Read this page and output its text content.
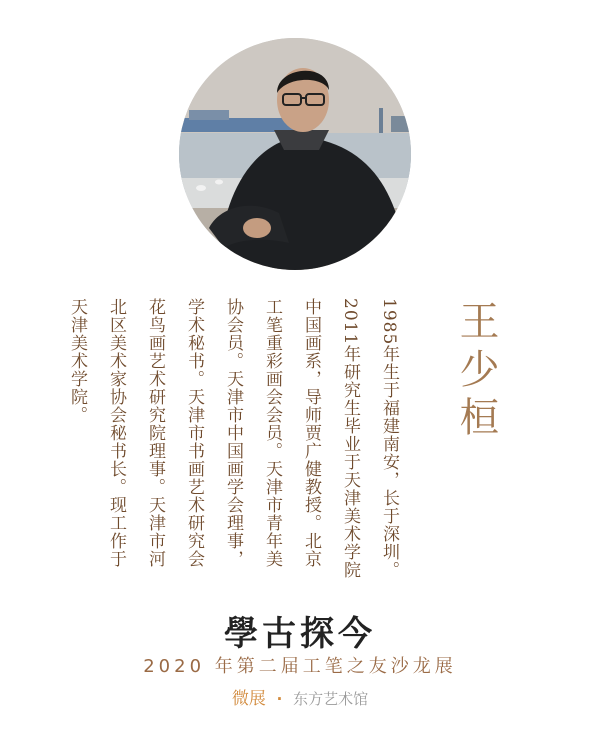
王少桓
1985年生于福建南安，长于深圳。
2011年研究生毕业于天津美术学院
中国画系，导师贾广健教授。北京
工笔重彩画会会员。天津市青年美
协会员。天津市中国画学会理事，
学术秘书。天津市书画艺术研究会
花鸟画艺术研究院理事。天津市河
北区美术家协会秘书长。现工作于
天津美术学院。
學古探今
2020 年第二届工笔之友沙龙展
微展 · 东方艺术馆
